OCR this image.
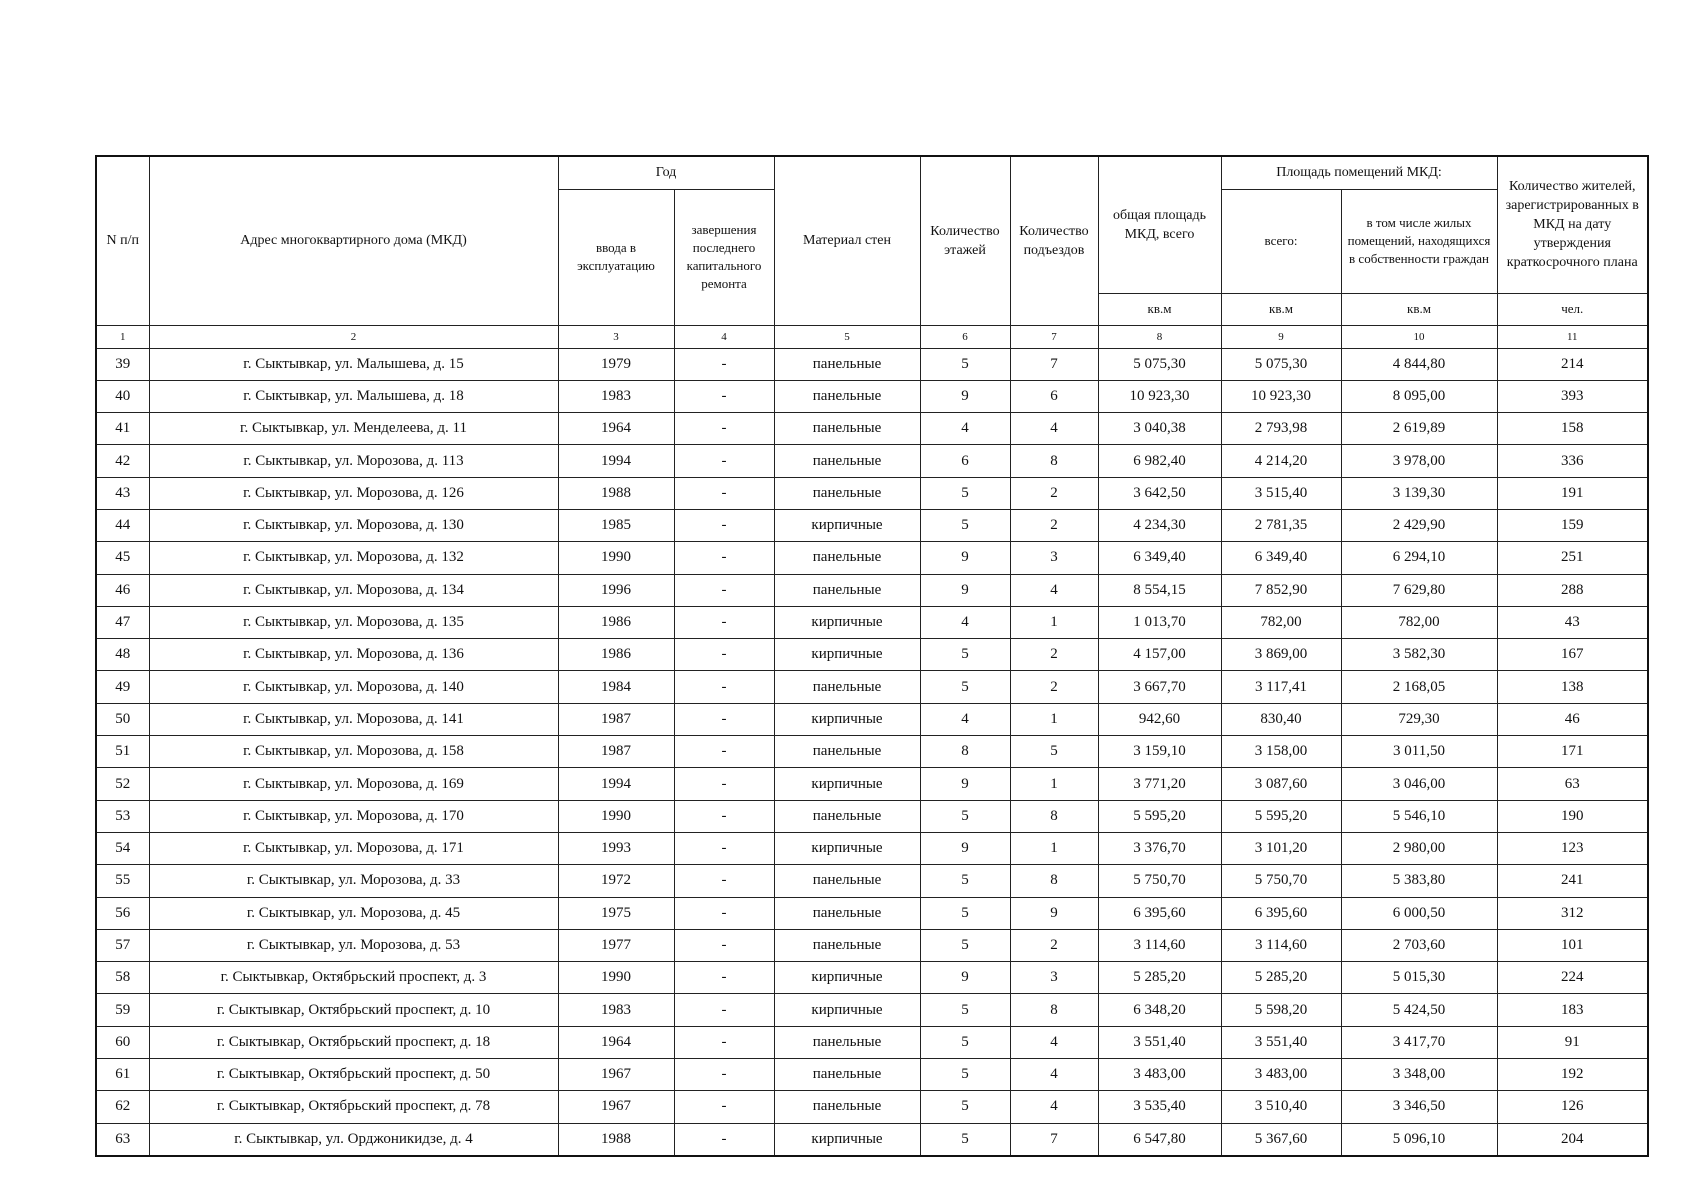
N п/п	Адрес многоквартирного дома (МКД)	Год		Материал стен	Количество этажей	Количество подъездов	общая площадь МКД, всего	Площадь помещений МКД:		Количество жителей, зарегистрированных в МКД на дату утверждения краткосрочного плана
		ввода в эксплуатацию	завершения последнего капитального ремонта					всего:	в том числе жилых помещений, находящихся в собственности граждан	
							кв.м	кв.м	кв.м	чел.
1	2	3	4	5	6	7	8	9	10	11
39	г. Сыктывкар, ул. Малышева, д. 15	1979	-	панельные	5	7	5 075,30	5 075,30	4 844,80	214
40	г. Сыктывкар, ул. Малышева, д. 18	1983	-	панельные	9	6	10 923,30	10 923,30	8 095,00	393
41	г. Сыктывкар, ул. Менделеева, д. 11	1964	-	панельные	4	4	3 040,38	2 793,98	2 619,89	158
42	г. Сыктывкар, ул. Морозова, д. 113	1994	-	панельные	6	8	6 982,40	4 214,20	3 978,00	336
43	г. Сыктывкар, ул. Морозова, д. 126	1988	-	панельные	5	2	3 642,50	3 515,40	3 139,30	191
44	г. Сыктывкар, ул. Морозова, д. 130	1985	-	кирпичные	5	2	4 234,30	2 781,35	2 429,90	159
45	г. Сыктывкар, ул. Морозова, д. 132	1990	-	панельные	9	3	6 349,40	6 349,40	6 294,10	251
46	г. Сыктывкар, ул. Морозова, д. 134	1996	-	панельные	9	4	8 554,15	7 852,90	7 629,80	288
47	г. Сыктывкар, ул. Морозова, д. 135	1986	-	кирпичные	4	1	1 013,70	782,00	782,00	43
48	г. Сыктывкар, ул. Морозова, д. 136	1986	-	кирпичные	5	2	4 157,00	3 869,00	3 582,30	167
49	г. Сыктывкар, ул. Морозова, д. 140	1984	-	панельные	5	2	3 667,70	3 117,41	2 168,05	138
50	г. Сыктывкар, ул. Морозова, д. 141	1987	-	кирпичные	4	1	942,60	830,40	729,30	46
51	г. Сыктывкар, ул. Морозова, д. 158	1987	-	панельные	8	5	3 159,10	3 158,00	3 011,50	171
52	г. Сыктывкар, ул. Морозова, д. 169	1994	-	кирпичные	9	1	3 771,20	3 087,60	3 046,00	63
53	г. Сыктывкар, ул. Морозова, д. 170	1990	-	панельные	5	8	5 595,20	5 595,20	5 546,10	190
54	г. Сыктывкар, ул. Морозова, д. 171	1993	-	кирпичные	9	1	3 376,70	3 101,20	2 980,00	123
55	г. Сыктывкар, ул. Морозова, д. 33	1972	-	панельные	5	8	5 750,70	5 750,70	5 383,80	241
56	г. Сыктывкар, ул. Морозова, д. 45	1975	-	панельные	5	9	6 395,60	6 395,60	6 000,50	312
57	г. Сыктывкар, ул. Морозова, д. 53	1977	-	панельные	5	2	3 114,60	3 114,60	2 703,60	101
58	г. Сыктывкар, Октябрьский проспект, д. 3	1990	-	кирпичные	9	3	5 285,20	5 285,20	5 015,30	224
59	г. Сыктывкар, Октябрьский проспект, д. 10	1983	-	кирпичные	5	8	6 348,20	5 598,20	5 424,50	183
60	г. Сыктывкар, Октябрьский проспект, д. 18	1964	-	панельные	5	4	3 551,40	3 551,40	3 417,70	91
61	г. Сыктывкар, Октябрьский проспект, д. 50	1967	-	панельные	5	4	3 483,00	3 483,00	3 348,00	192
62	г. Сыктывкар, Октябрьский проспект, д. 78	1967	-	панельные	5	4	3 535,40	3 510,40	3 346,50	126
63	г. Сыктывкар, ул. Орджоникидзе, д. 4	1988	-	кирпичные	5	7	6 547,80	5 367,60	5 096,10	204
